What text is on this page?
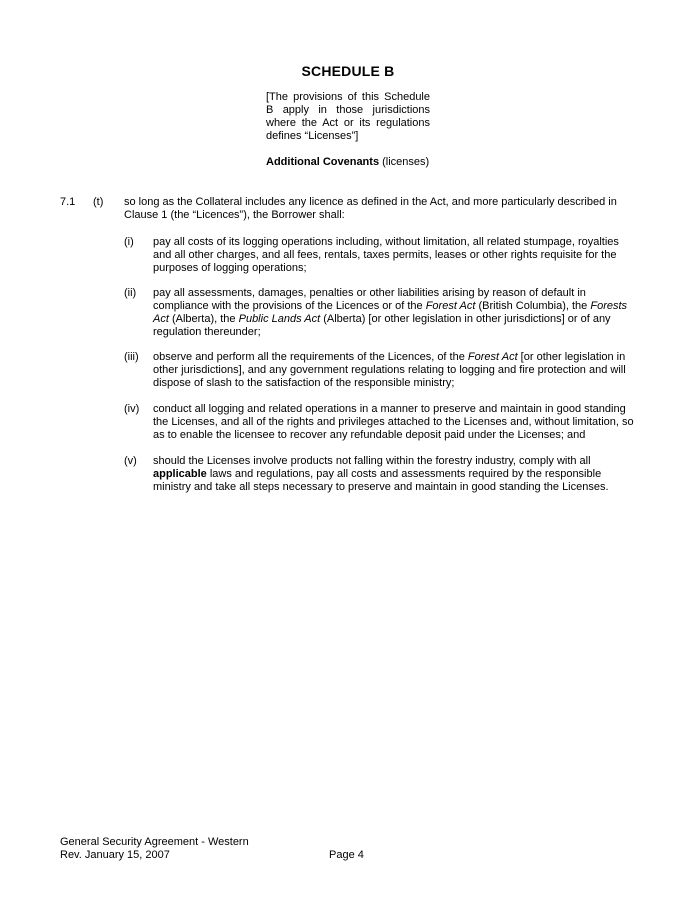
SCHEDULE B
[The provisions of this Schedule B apply in those jurisdictions where the Act or its regulations defines “Licenses”]
Additional Covenants (licenses)
7.1 (t) so long as the Collateral includes any licence as defined in the Act, and more particularly described in Clause 1 (the “Licences”), the Borrower shall:
(i) pay all costs of its logging operations including, without limitation, all related stumpage, royalties and all other charges, and all fees, rentals, taxes permits, leases or other rights requisite for the purposes of logging operations;
(ii) pay all assessments, damages, penalties or other liabilities arising by reason of default in compliance with the provisions of the Licences or of the Forest Act (British Columbia), the Forests Act (Alberta), the Public Lands Act (Alberta) [or other legislation in other jurisdictions] or of any regulation thereunder;
(iii) observe and perform all the requirements of the Licences, of the Forest Act [or other legislation in other jurisdictions], and any government regulations relating to logging and fire protection and will dispose of slash to the satisfaction of the responsible ministry;
(iv) conduct all logging and related operations in a manner to preserve and maintain in good standing the Licenses, and all of the rights and privileges attached to the Licenses and, without limitation, so as to enable the licensee to recover any refundable deposit paid under the Licenses; and
(v) should the Licenses involve products not falling within the forestry industry, comply with all applicable laws and regulations, pay all costs and assessments required by the responsible ministry and take all steps necessary to preserve and maintain in good standing the Licenses.
General Security Agreement - Western
Rev. January 15, 2007	Page 4
